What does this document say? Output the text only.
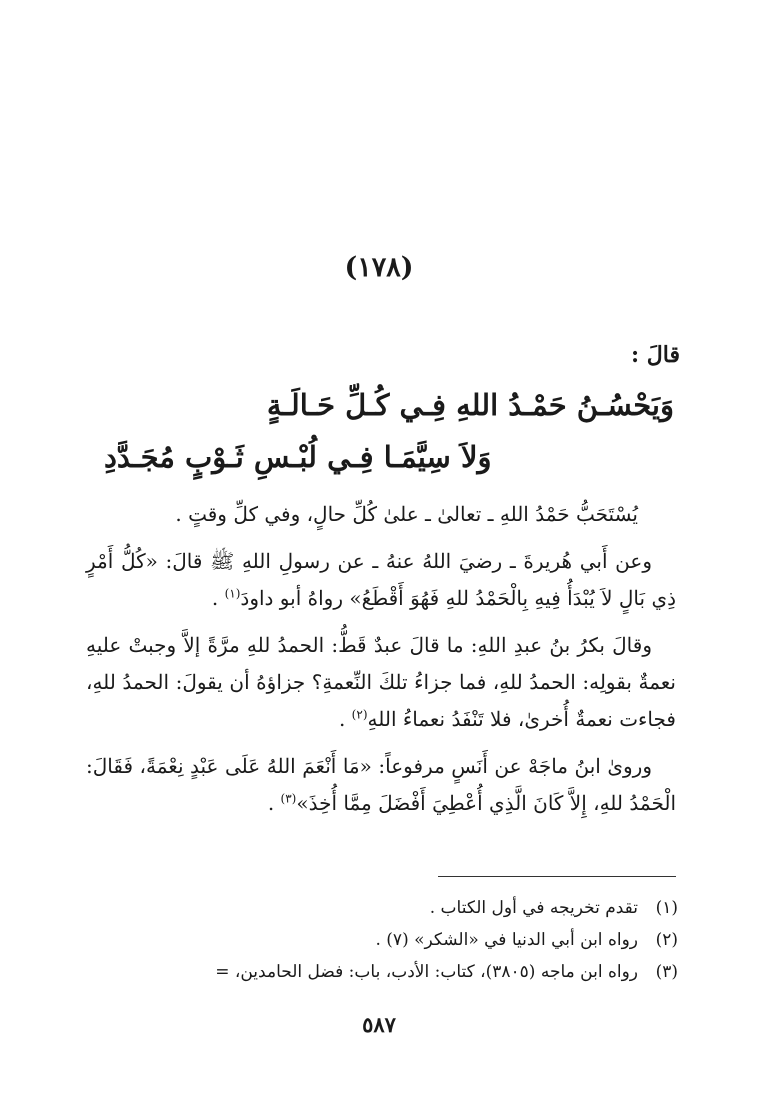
(١٧٨)
قالَ :
وَيَحْسُـنُ حَمْـدُ اللهِ فِـي كُـلِّ حَـالَـةٍ
وَلاَ سِيَّمَـا فِـي لُبْـسِ ثَـوْبٍ مُجَـدَّدِ

يُسْتَحَبُّ حَمْدُ اللهِ ـ تعالىٰ ـ علىٰ كُلِّ حالٍ، وفي كلِّ وقتٍ .

وعن أَبي هُريرةَ ـ رضيَ اللهُ عنهُ ـ عن رسولِ اللهِ ﷺ قالَ: «كُلُّ أَمْرٍ ذِي بَالٍ لاَ يُبْدَأُ فِيهِ بِالْحَمْدُ للهِ فَهُوَ أَقْطَعُ» رواهُ أبو داودَ$^{(١)}$ .

وقالَ بكرُ بنُ عبدِ اللهِ: ما قالَ عبدٌ قَطُّ: الحمدُ للهِ مرَّةً إلاَّ وجبتْ عليهِ نعمةٌ بقولِه: الحمدُ للهِ، فما جزاءُ تلكَ النِّعمةِ؟ جزاؤهُ أن يقولَ: الحمدُ للهِ، فجاءت نعمةٌ أُخرىٰ، فلا تَنْفَدُ نعماءُ اللهِ$^{(٢)}$ .

وروىٰ ابنُ ماجَهْ عن أَنَسٍ مرفوعاً: «مَا أَنْعَمَ اللهُ عَلَى عَبْدٍ نِعْمَةً، فَقَالَ: الْحَمْدُ للهِ، إِلاَّ كَانَ الَّذِي أُعْطِيَ أَفْضَلَ مِمَّا أُخِذَ»$^{(٣)}$ .

(١)
تقدم تخريجه في أول الكتاب .
(٢)
رواه ابن أبي الدنيا في «الشكر» (٧) .
(٣)
رواه ابن ماجه (٣٨٠٥)، كتاب: الأدب، باب: فضل الحامدين، =
٥٨٧
